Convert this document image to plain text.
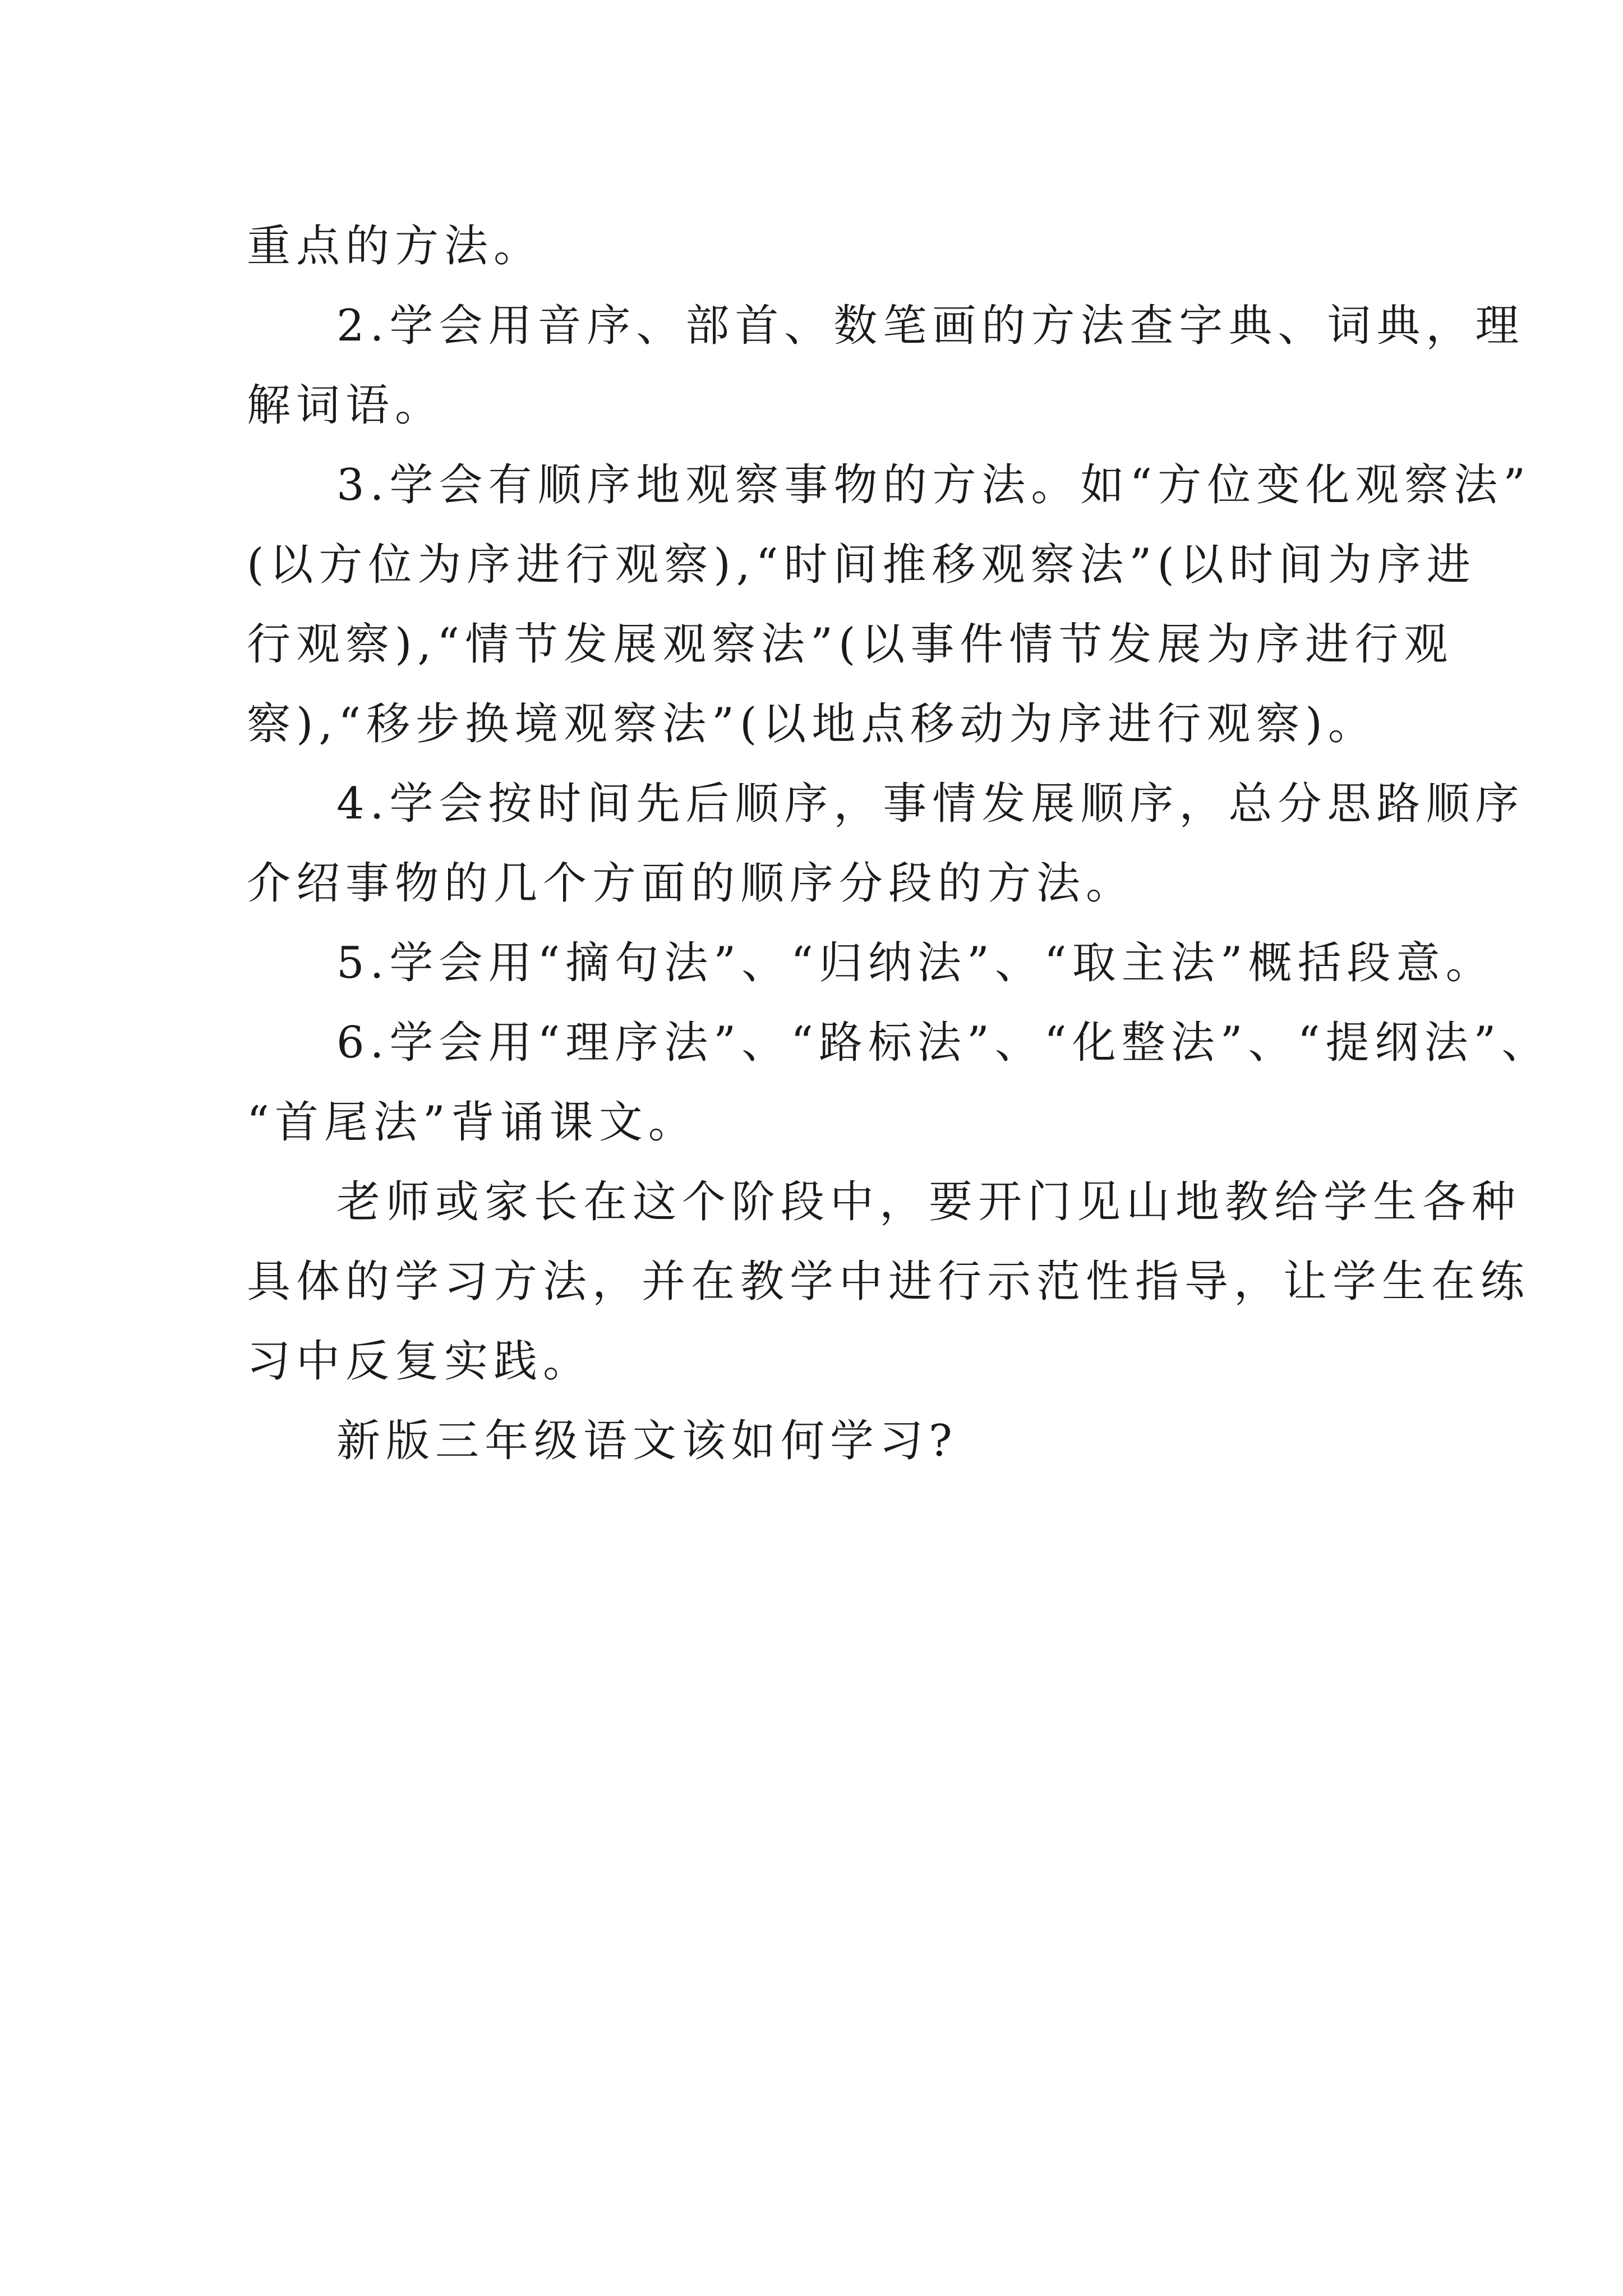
重点的方法。

2.学会用音序、部首、数笔画的方法查字典、词典，理
解词语。

3.学会有顺序地观察事物的方法。如“方位变化观察法”
(以方位为序进行观察),“时间推移观察法”(以时间为序进
行观察),“情节发展观察法”(以事件情节发展为序进行观
察),“移步换境观察法”(以地点移动为序进行观察)。

4.学会按时间先后顺序，事情发展顺序，总分思路顺序
介绍事物的几个方面的顺序分段的方法。

5.学会用“摘句法”、“归纳法”、“取主法”概括段意。

6.学会用“理序法”、“路标法”、“化整法”、“提纲法”、
“首尾法”背诵课文。

老师或家长在这个阶段中，要开门见山地教给学生各种
具体的学习方法，并在教学中进行示范性指导，让学生在练
习中反复实践。

新版三年级语文该如何学习?
